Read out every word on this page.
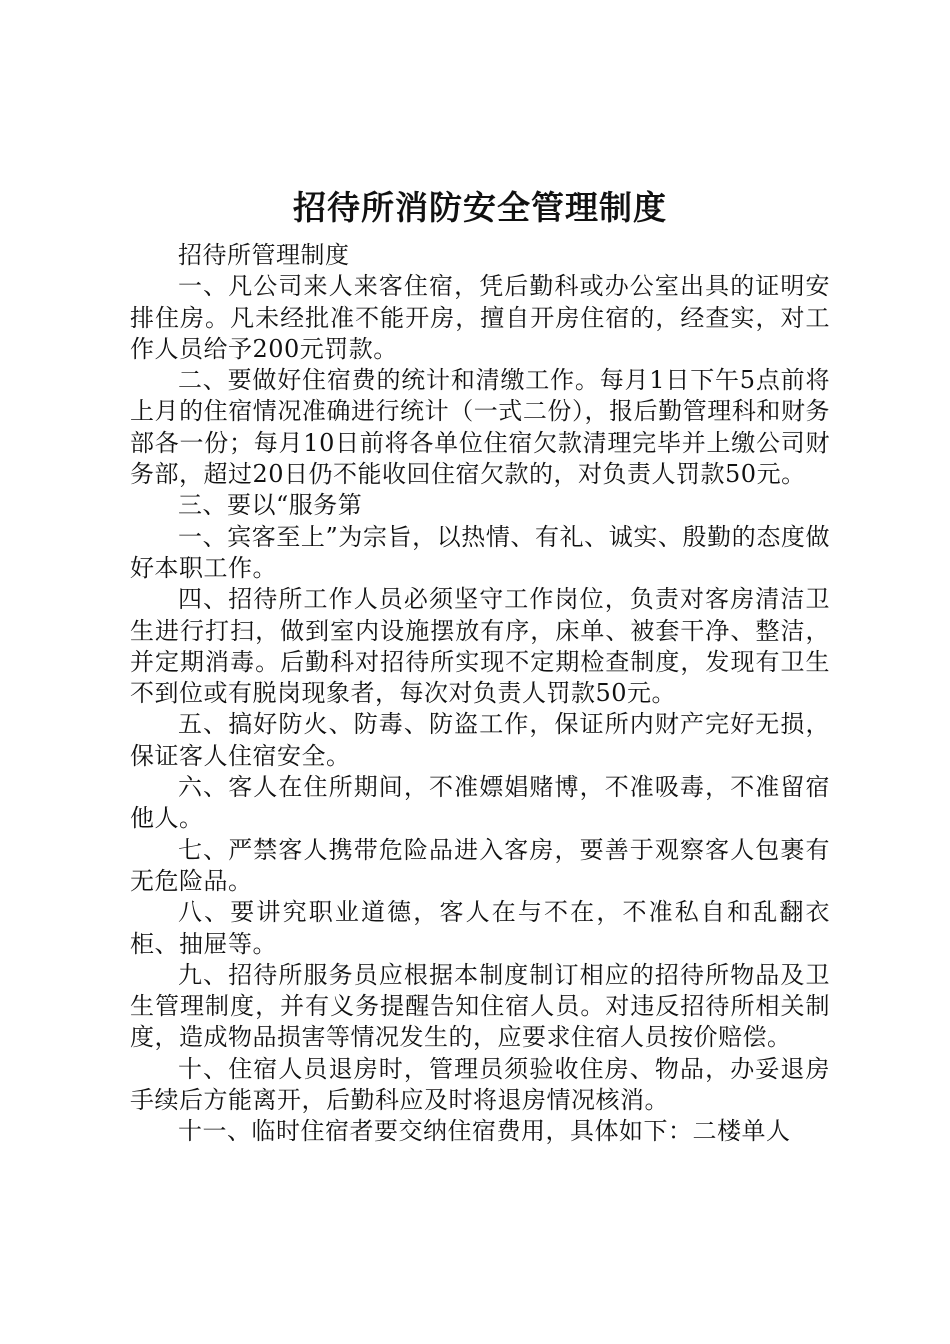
招待所消防安全管理制度

招待所管理制度

一、凡公司来人来客住宿，凭后勤科或办公室出具的证明安排住房。凡未经批准不能开房，擅自开房住宿的，经查实，对工作人员给予200元罚款。

二、要做好住宿费的统计和清缴工作。每月1日下午5点前将上月的住宿情况准确进行统计（一式二份），报后勤管理科和财务部各一份；每月10日前将各单位住宿欠款清理完毕并上缴公司财务部，超过20日仍不能收回住宿欠款的，对负责人罚款50元。

三、要以“服务第

一、宾客至上”为宗旨，以热情、有礼、诚实、殷勤的态度做好本职工作。

四、招待所工作人员必须坚守工作岗位，负责对客房清洁卫生进行打扫，做到室内设施摆放有序，床单、被套干净、整洁，并定期消毒。后勤科对招待所实现不定期检查制度，发现有卫生不到位或有脱岗现象者，每次对负责人罚款50元。

五、搞好防火、防毒、防盗工作，保证所内财产完好无损，保证客人住宿安全。

六、客人在住所期间，不准嫖娼赌博，不准吸毒，不准留宿他人。

七、严禁客人携带危险品进入客房，要善于观察客人包裹有无危险品。

八、要讲究职业道德，客人在与不在，不准私自和乱翻衣柜、抽屉等。

九、招待所服务员应根据本制度制订相应的招待所物品及卫生管理制度，并有义务提醒告知住宿人员。对违反招待所相关制度，造成物品损害等情况发生的，应要求住宿人员按价赔偿。

十、住宿人员退房时，管理员须验收住房、物品，办妥退房手续后方能离开，后勤科应及时将退房情况核消。

十一、临时住宿者要交纳住宿费用，具体如下：二楼单人
